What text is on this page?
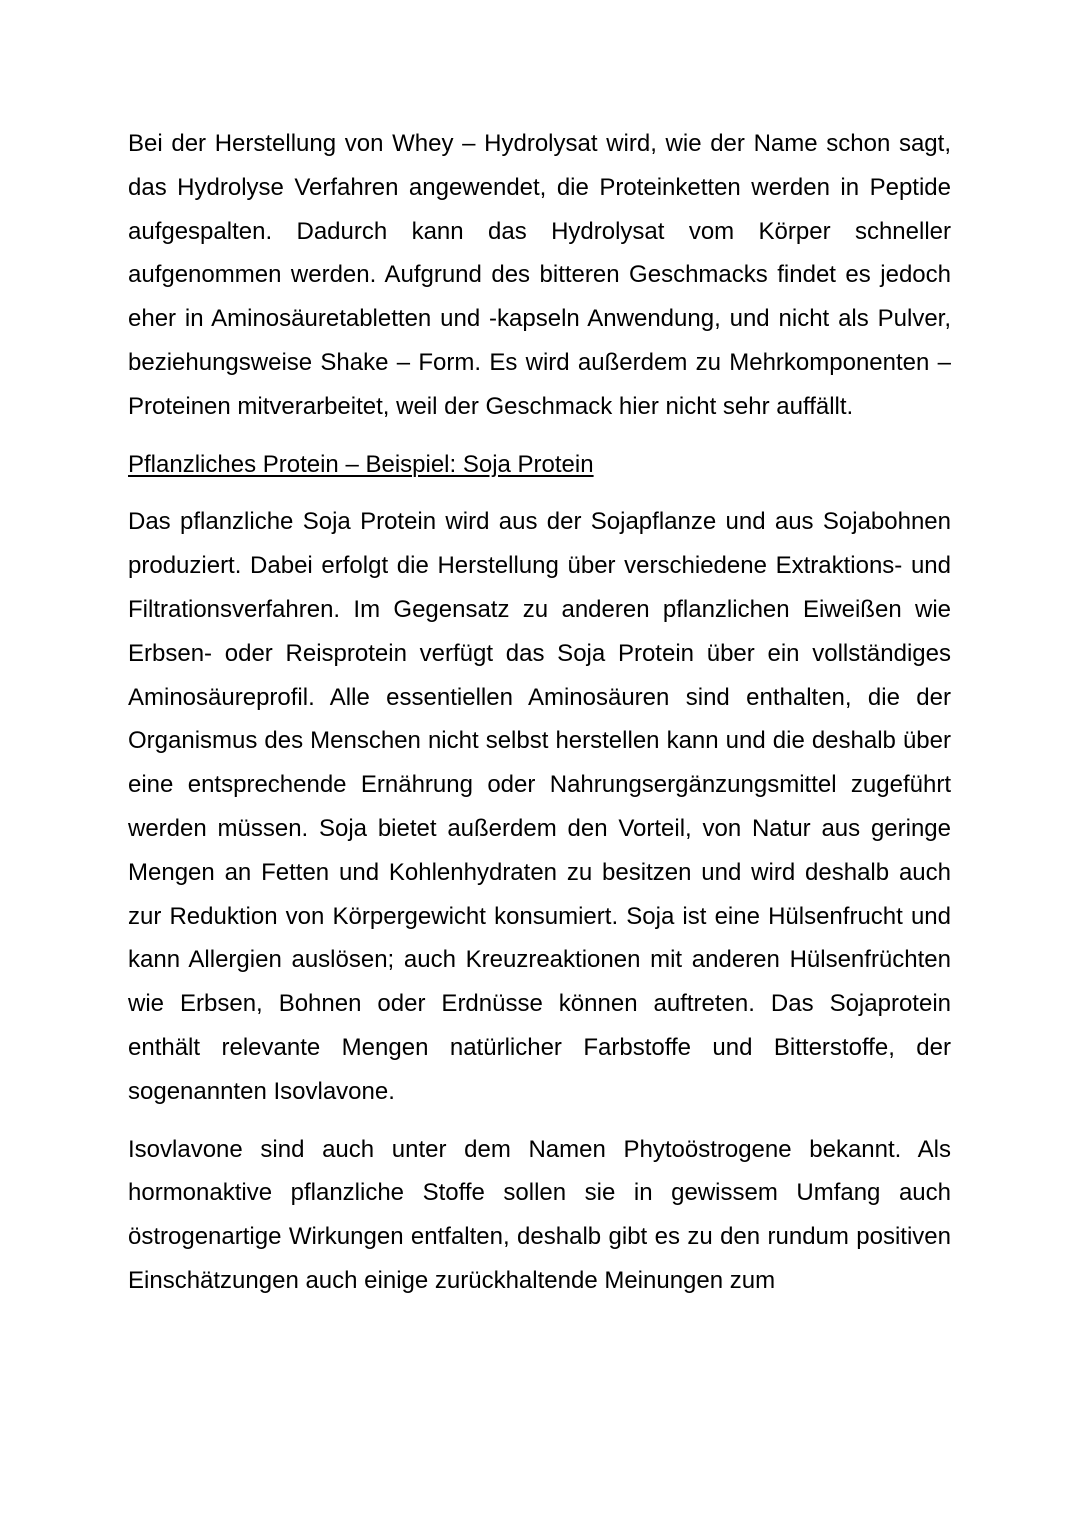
Bei der Herstellung von Whey – Hydrolysat wird, wie der Name schon sagt, das Hydrolyse Verfahren angewendet, die Proteinketten werden in Peptide aufgespalten. Dadurch kann das Hydrolysat vom Körper schneller aufgenommen werden. Aufgrund des bitteren Geschmacks findet es jedoch eher in Aminosäuretabletten und -kapseln Anwendung, und nicht als Pulver, beziehungsweise Shake – Form. Es wird außerdem zu Mehrkomponenten – Proteinen mitverarbeitet, weil der Geschmack hier nicht sehr auffällt.

Pflanzliches Protein – Beispiel: Soja Protein

Das pflanzliche Soja Protein wird aus der Sojapflanze und aus Sojabohnen produziert. Dabei erfolgt die Herstellung über verschiedene Extraktions- und Filtrationsverfahren. Im Gegensatz zu anderen pflanzlichen Eiweißen wie Erbsen- oder Reisprotein verfügt das Soja Protein über ein vollständiges Aminosäureprofil. Alle essentiellen Aminosäuren sind enthalten, die der Organismus des Menschen nicht selbst herstellen kann und die deshalb über eine entsprechende Ernährung oder Nahrungsergänzungsmittel zugeführt werden müssen. Soja bietet außerdem den Vorteil, von Natur aus geringe Mengen an Fetten und Kohlenhydraten zu besitzen und wird deshalb auch zur Reduktion von Körpergewicht konsumiert. Soja ist eine Hülsenfrucht und kann Allergien auslösen; auch Kreuzreaktionen mit anderen Hülsenfrüchten wie Erbsen, Bohnen oder Erdnüsse können auftreten. Das Sojaprotein enthält relevante Mengen natürlicher Farbstoffe und Bitterstoffe, der sogenannten Isovlavone.

Isovlavone sind auch unter dem Namen Phytoöstrogene bekannt. Als hormonaktive pflanzliche Stoffe sollen sie in gewissem Umfang auch östrogenartige Wirkungen entfalten, deshalb gibt es zu den rundum positiven Einschätzungen auch einige zurückhaltende Meinungen zum
